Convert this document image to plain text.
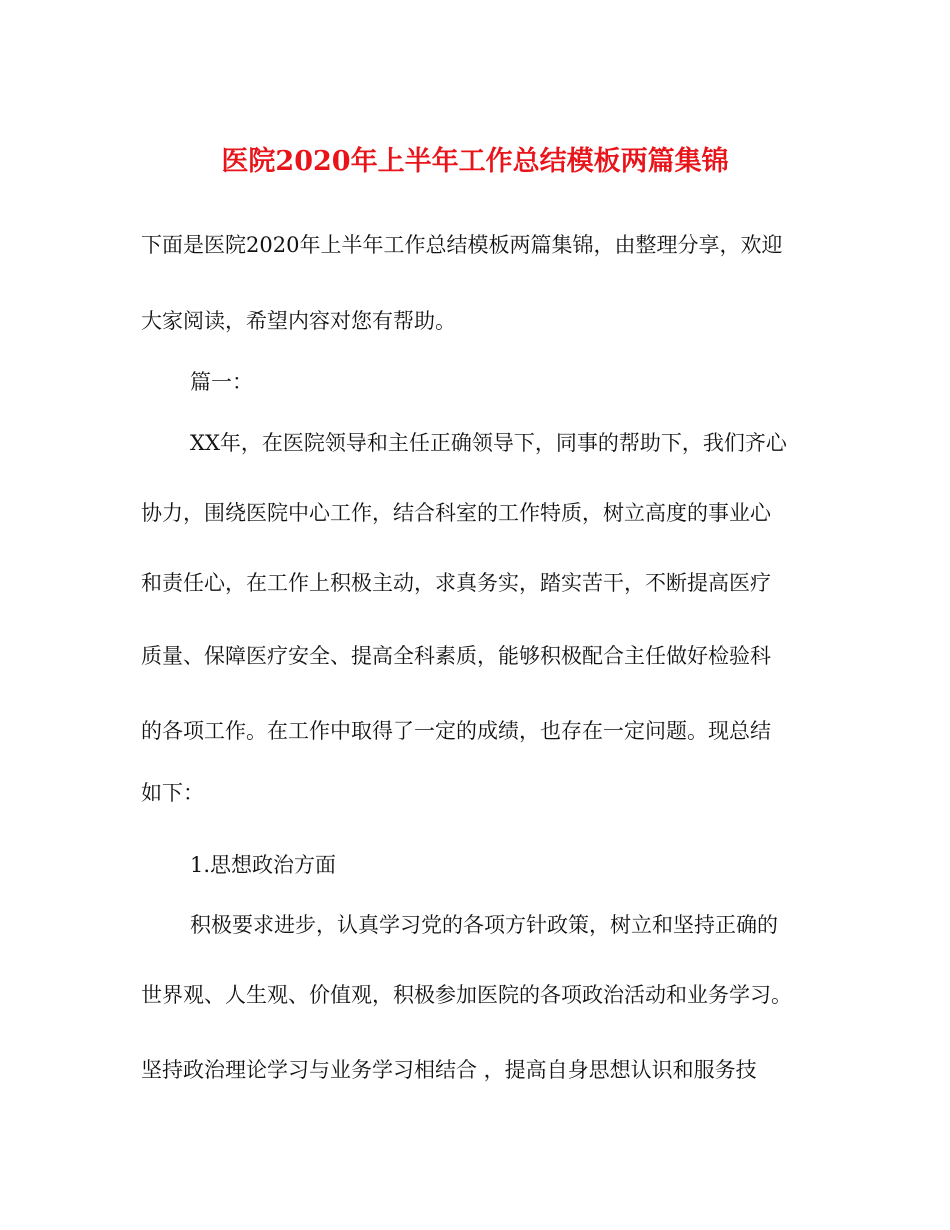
医院2020年上半年工作总结模板两篇集锦
下面是医院2020年上半年工作总结模板两篇集锦，由整理分享，欢迎
大家阅读，希望内容对您有帮助。
篇一：
XX年，在医院领导和主任正确领导下，同事的帮助下，我们齐心
协力，围绕医院中心工作，结合科室的工作特质，树立高度的事业心
和责任心，在工作上积极主动，求真务实，踏实苦干，不断提高医疗
质量、保障医疗安全、提高全科素质，能够积极配合主任做好检验科
的各项工作。在工作中取得了一定的成绩，也存在一定问题。现总结
如下：
1.思想政治方面
积极要求进步，认真学习党的各项方针政策，树立和坚持正确的
世界观、人生观、价值观，积极参加医院的各项政治活动和业务学习。
坚持政治理论学习与业务学习相结合 ，提高自身思想认识和服务技
